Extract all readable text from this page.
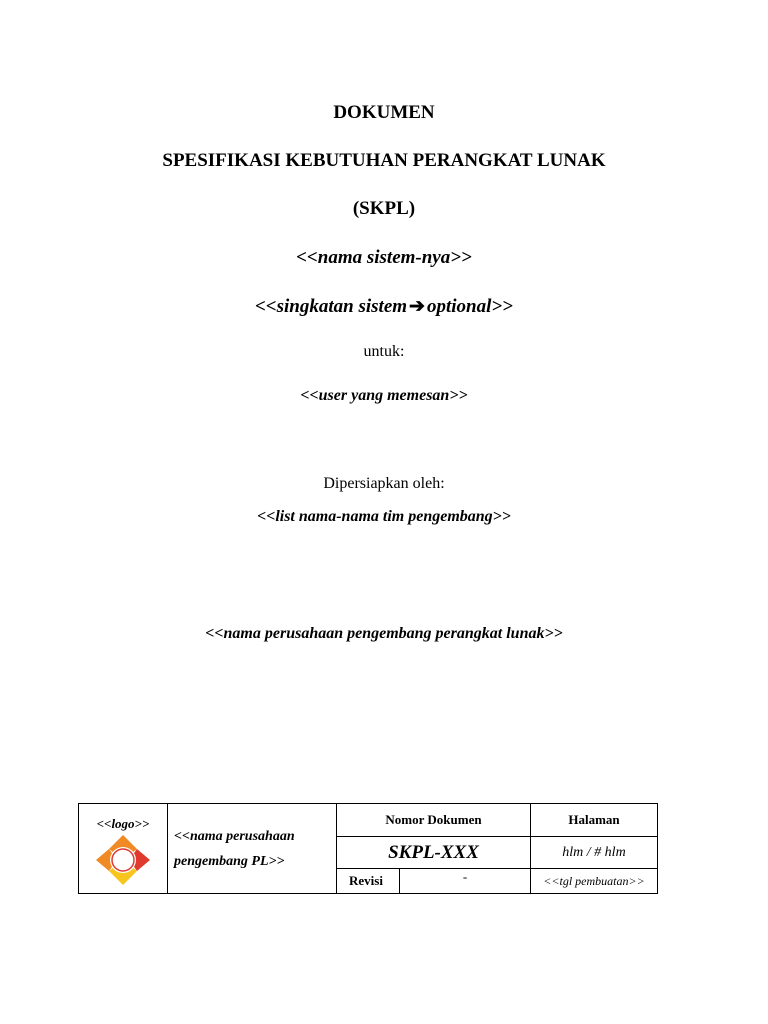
DOKUMEN
SPESIFIKASI KEBUTUHAN PERANGKAT LUNAK
(SKPL)
<<nama sistem-nya>>
<<singkatan sistem ➔ optional>>
untuk:
<<user yang memesan>>
Dipersiapkan oleh:
<<list nama-nama tim pengembang>>
<<nama perusahaan pengembang perangkat lunak>>
<<logo>>	<<nama perusahaan
pengembang PL>>	Nomor Dokumen		Halaman
		SKPL-XXX		hlm / # hlm
		Revisi	-	<<tgl pembuatan>>
